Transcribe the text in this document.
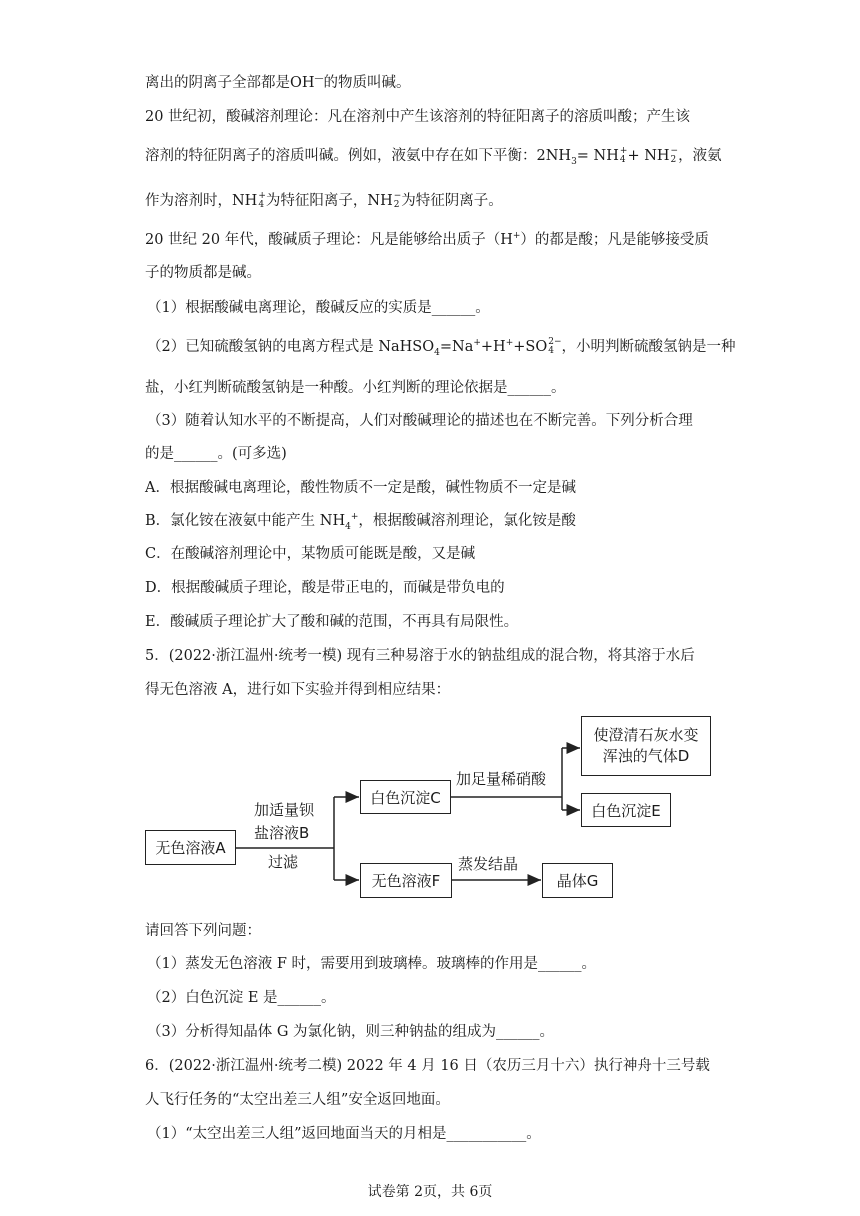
离出的阴离子全部都是OH—的物质叫碱。
20 世纪初，酸碱溶剂理论：凡在溶剂中产生该溶剂的特征阳离子的溶质叫酸；产生该
溶剂的特征阴离子的溶质叫碱。例如，液氨中存在如下平衡：$2NH_3=$ NH +
4 + NH −
2 ，液氨
作为溶剂时，NH +
4 为特征阳离子，NH −
2 为特征阴离子。
20 世纪 20 年代，酸碱质子理论：凡是能够给出质子（H+）的都是酸；凡是能够接受质
子的物质都是碱。
（1）根据酸碱电离理论，酸碱反应的实质是______。
（2）已知硫酸氢钠的电离方程式是 NaHSO$_4$=Na++H++SO 2−
4 ，小明判断硫酸氢钠是一种
盐，小红判断硫酸氢钠是一种酸。小红判断的理论依据是______。
（3）随着认知水平的不断提高，人们对酸碱理论的描述也在不断完善。下列分析合理
的是______。(可多选)
A．根据酸碱电离理论，酸性物质不一定是酸，碱性物质不一定是碱
B．氯化铵在液氨中能产生 $NH_4^+$，根据酸碱溶剂理论，氯化铵是酸
C．在酸碱溶剂理论中，某物质可能既是酸，又是碱
D．根据酸碱质子理论，酸是带正电的，而碱是带负电的
E．酸碱质子理论扩大了酸和碱的范围，不再具有局限性。
5．(2022·浙江温州·统考一模) 现有三种易溶于水的钠盐组成的混合物，将其溶于水后
得无色溶液 A，进行如下实验并得到相应结果：
无色溶液A
白色沉淀C
无色溶液F
使澄清石灰水变
浑浊的气体D
白色沉淀E
晶体G
加适量钡
盐溶液B
过滤
加足量稀硝酸
蒸发结晶
请回答下列问题：
（1）蒸发无色溶液 F 时，需要用到玻璃棒。玻璃棒的作用是______。
（2）白色沉淀 E 是______。
（3）分析得知晶体 G 为氯化钠，则三种钠盐的组成为______。
6．(2022·浙江温州·统考二模) 2022 年 4 月 16 日（农历三月十六）执行神舟十三号载
人飞行任务的“太空出差三人组”安全返回地面。
（1）“太空出差三人组”返回地面当天的月相是___________。
试卷第 2页，共 6页
